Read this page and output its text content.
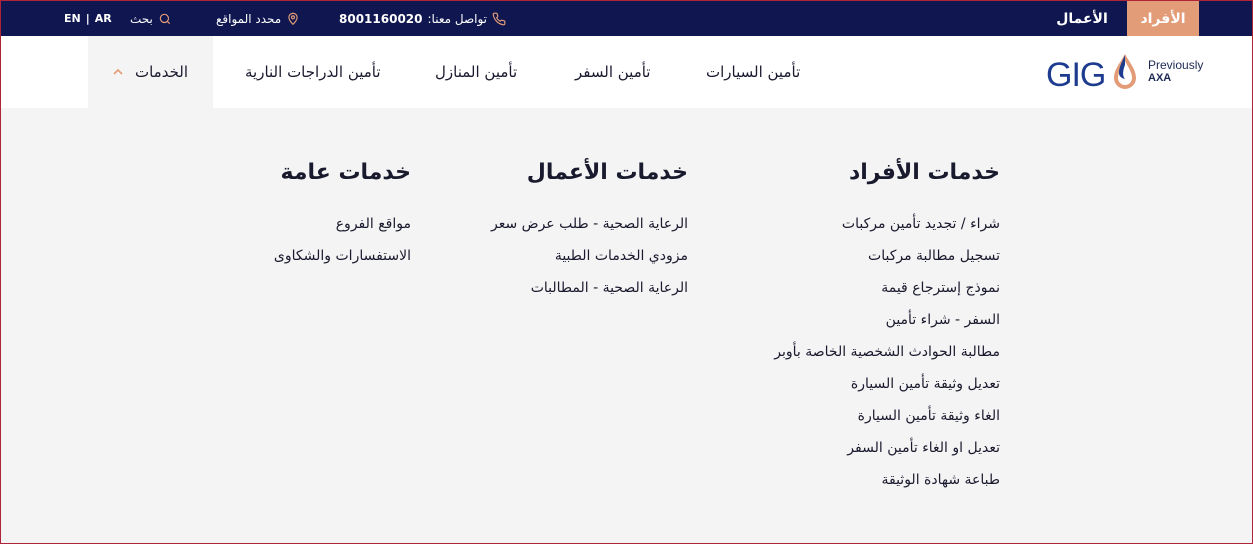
الأفراد
الأعمال
تواصل معنا:
8001160020
محدد المواقع
بحث
EN | AR
GIG	Previously
AXA
تأمين السيارات
تأمين السفر
تأمين المنازل
تأمين الدراجات النارية
الخدمات
خدمات الأفراد
شراء / تجديد تأمين مركبات
تسجيل مطالبة مركبات
نموذج إسترجاع قيمة
السفر - شراء تأمين
مطالبة الحوادث الشخصية الخاصة بأوبر
تعديل وثيقة تأمين السيارة
الغاء وثيقة تأمين السيارة
تعديل او الغاء تأمين السفر
طباعة شهادة الوثيقة
خدمات الأعمال
الرعاية الصحية - طلب عرض سعر
مزودي الخدمات الطبية
الرعاية الصحية - المطالبات
خدمات عامة
مواقع الفروع
الاستفسارات والشكاوى
